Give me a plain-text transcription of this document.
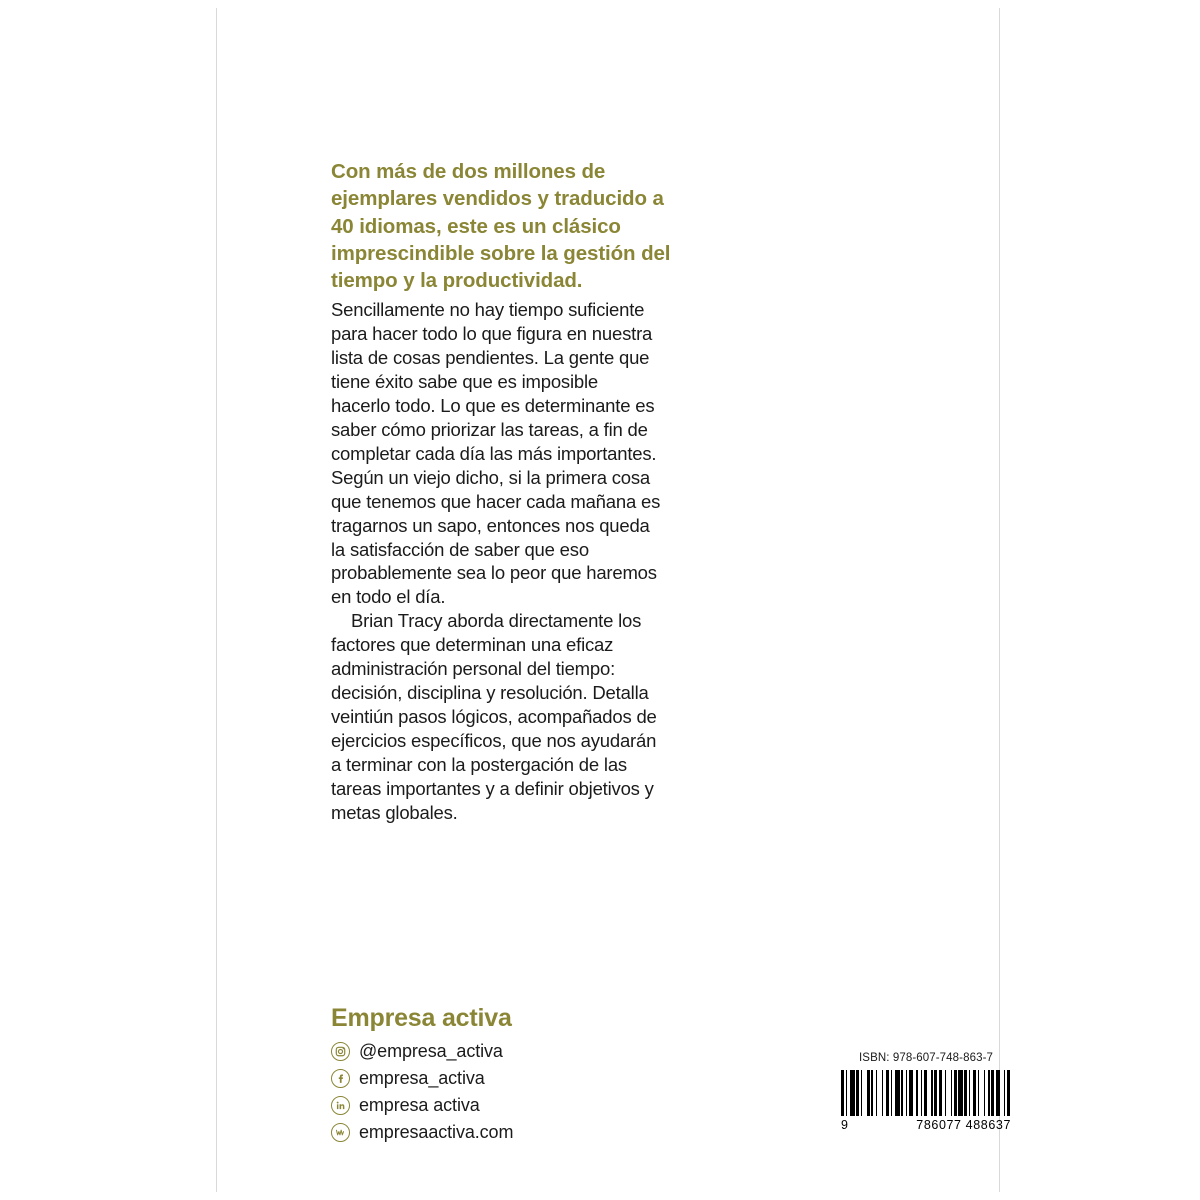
Con más de dos millones de ejemplares vendidos y traducido a 40 idiomas, este es un clásico imprescindible sobre la gestión del tiempo y la productividad.

Sencillamente no hay tiempo suficiente para hacer todo lo que figura en nuestra lista de cosas pendientes. La gente que tiene éxito sabe que es imposible hacerlo todo. Lo que es determinante es saber cómo priorizar las tareas, a fin de completar cada día las más importantes. Según un viejo dicho, si la primera cosa que tenemos que hacer cada mañana es tragarnos un sapo, entonces nos queda la satisfacción de saber que eso probablemente sea lo peor que haremos en todo el día.

Brian Tracy aborda directamente los factores que determinan una eficaz administración personal del tiempo: decisión, disciplina y resolución. Detalla veintiún pasos lógicos, acompañados de ejercicios específicos, que nos ayudarán a terminar con la postergación de las tareas importantes y a definir objetivos y metas globales.

Empresa activa
@empresa_activa
empresa_activa
empresa activa
empresaactiva.com
ISBN: 978-607-748-863-7
9	786077 488637
